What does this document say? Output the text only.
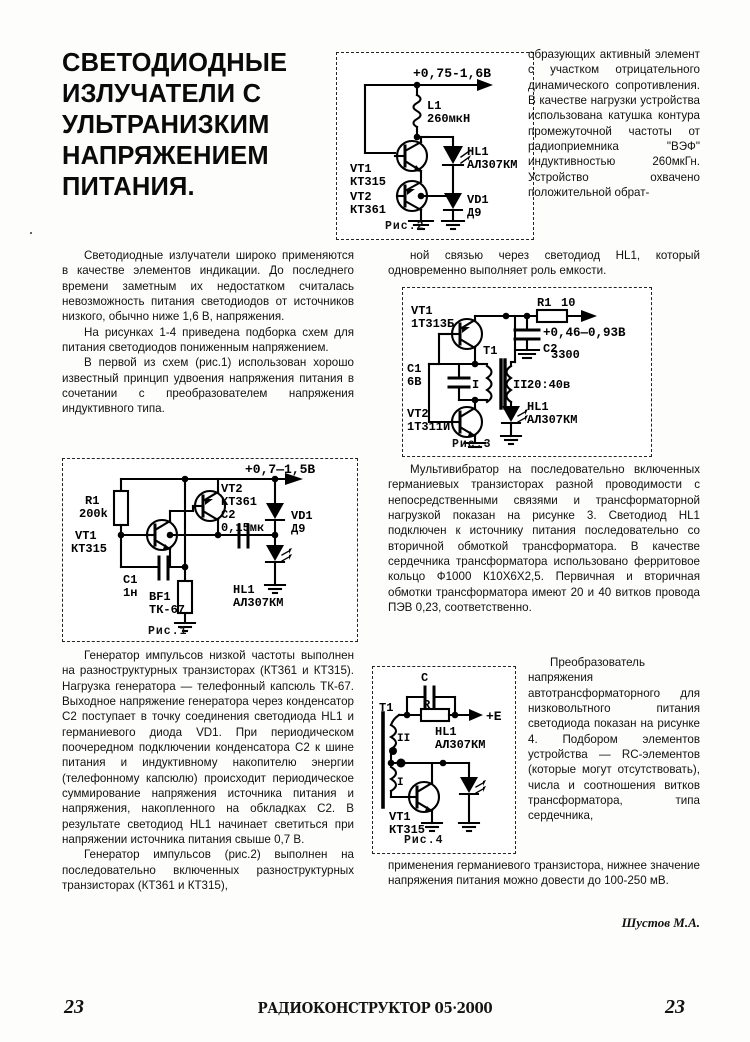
СВЕТОДИОДНЫЕ ИЗЛУЧАТЕЛИ С УЛЬТРАНИЗКИМ НАПРЯЖЕНИЕМ ПИТАНИЯ.
+0,75-1,6В
L1
260мкН
VT1
КТ315
VT2
КТ361
HL1
АЛ307КМ
VD1
Д9
Рис.2

образующих активный элемент с участком отрицательного динамического сопротивления. В качестве нагрузки устройства использована катушка контура промежуточной частоты от радиоприемника "ВЭФ" индуктивностью 260мкГн. Устройство охвачено положительной обрат-

Светодиодные излучатели широко применяются в качестве элементов индикации. До последнего времени заметным их недостатком считалась невозможность питания светодиодов от источников низкого, обычно ниже 1,6 В, напряжения.

На рисунках 1-4 приведена подборка схем для питания светодиодов пониженным напряжением.

В первой из схем (рис.1) использован хорошо известный принцип удвоения напряжения питания в сочетании с преобразователем напряжения индуктивного типа.

ной связью через светодиод HL1, который одновременно выполняет роль емкости.

VT1
1Т313Б
VT2
1Т311И
C1
6В
R1 10
+0,46—0,93В
C2
3300
T1
I	II 20:40в
HL1
АЛ307КМ
Рис.3
+0,7—1,5В
R1
200k
VT1
КТ315
VT2
КТ361
C2
0,15мк
VD1
Д9
C1
1н BF1
ТК-67
HL1
АЛ307КМ
Рис.1

Мультивибратор на последовательно включенных германиевых транзисторах разной проводимости с непосредственными связями и трансформаторной нагрузкой показан на рисунке 3. Светодиод HL1 подключен к источнику питания последовательно со вторичной обмоткой трансформатора. В качестве сердечника трансформатора использовано ферритовое кольцо Ф1000 К10Х6Х2,5. Первичная и вторичная обмотки трансформатора имеют 20 и 40 витков провода ПЭВ 0,23, соответственно.

Генератор импульсов низкой частоты выполнен на разноструктурных транзисторах (КТ361 и КТ315). Нагрузка генератора — телефонный капсюль ТК-67. Выходное напряжение генератора через конденсатор С2 поступает в точку соединения светодиода HL1 и германиевого диода VD1. При периодическом поочередном подключении конденсатора С2 к шине питания и индуктивному накопителю энергии (телефонному капсюлю) происходит периодическое суммирование напряжения источника питания и напряжения, накопленного на обкладках С2. В результате светодиод HL1 начинает светиться при напряжении источника питания свыше 0,7 В.

Генератор импульсов (рис.2) выполнен на последовательно включенных разноструктурных транзисторах (КТ361 и КТ315),

C
R
+E
T1
II
I
HL1
АЛ307КМ
VT1
КТ315
Рис.4

Преобразователь напряжения автотрансформаторного для низковольтного питания светодиода показан на рисунке 4. Подбором элементов устройства — RC-элементов (которые могут отсутствовать), числа и соотношения витков трансформатора, типа сердечника,

применения германиевого транзистора, нижнее значение напряжения питания можно довести до 100-250 мВ.

Шустов М.А.
23	РАДИОКОНСТРУКТОР 05·2000	23
